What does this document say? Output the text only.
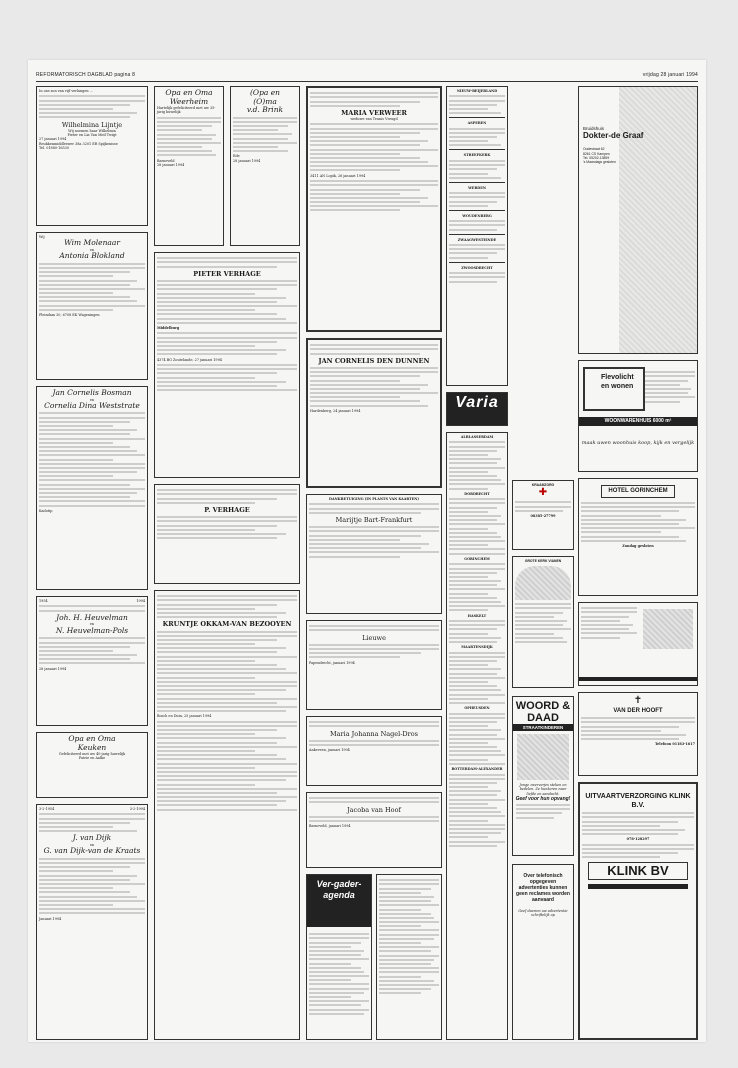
REFORMATORISCH DAGBLAD pagina 8	vrijdag 28 januari 1994
In ons zon van vijf verlangen ...
Wilhelmina Lijntje
Wij noemen haar Wilhelmin
Pieter en Lia Van Meil Twigt
27 januari 1994
Reukkenmiddleswer 38a 3201 ER Spijkenisse
Tel. 01880-16530
Wij
Wim Molenaar
en
Antonia Blokland
Pleindam 30, 6708 EK Wageningen
Jan Cornelis Bosman
en
Cornelia Dina Weststrate
Kadotip
1954	1994
Joh. H. Heuvelman
en
N. Heuvelman-Pols
28 januari 1994
Opa en Oma
Keuken
Gefeliciteerd met uw 40-jarig huwelijk
Patrie en Aalke
3-2-1954	3-2-1994
J. van Dijk
en
G. van Dijk-van de Kraats
Januari 1994
Opa en Oma
Weerheim
Hartelijk gefeliciteerd met uw 35-jarig huwelijk
Barneveld
28 januari 1994
(Opa en
(O)ma
v.d. Brink
Ede
28 januari 1994
PIETER VERHAGE
Middelburg
4374 BG Zoutelande, 27 januari 1994
P. VERHAGE
KRUNTJE OKKAM-VAN BEZOOYEN
Bosch en Duin, 25 januari 1994
MARIA VERWEER
weduwe van Teunis Vreugd
3411 AN Lopik, 26 januari 1994
JAN CORNELIS DEN DUNNEN
Hardenberg, 24 januari 1994
DANKBETUIGING (IN PLANTS VAN KAARTEN)
Marijtje Bart-Frankfurt
Lieuwe
Papendrecht, januari 1994
Maria Johanna Nagel-Dros
Ankeveen, januari 1994
Jacoba van Hoof
Barneveld, januari 1994
Ver-gader-agenda
NIEUW-BEIJERLAND
ASPEREN
STREEFKERK
WERDEN
WOUDENBERG
ZWAAGWESTEINDE
ZWOOSDRECHT
Varia
ALBLASSERDAM
DORDRECHT
GORINCHEM
HASKELT
MAARTENSDIJK
OPHEUSDEN
ROTTERDAM-ALEXANDER
KRAAMZORG
✚
08385-27799
GROTE KERK VIANEN
WOORD & DAAD
STRAATKINDEREN
Jonge zwerverjes steken en bedelen. Ze hunkeren naar liefde en aandacht.
Geef voor hun opvang!
Over telefonisch opgegeven advertenties kunnen geen reclames worden aanvaard
Geef daarom uw advertentie schriftelijk op
Bruidshuis
Dokter-de Graaf
Oudestraat 62
8261 CS Kampen
Tel. 05202-13859
's Maandags gesloten
Flevolicht
en wonen
WOONWARENHUIS 6000 m²
maak uwen woonhuis koop, kijk en vergelijk
HOTEL GORINCHEM
Zondag gesloten

✝
VAN DER HOOFT
Telefoon 01183-1617
UITVAARTVERZORGING KLINK B.V.
078-128297
KLINK BV
